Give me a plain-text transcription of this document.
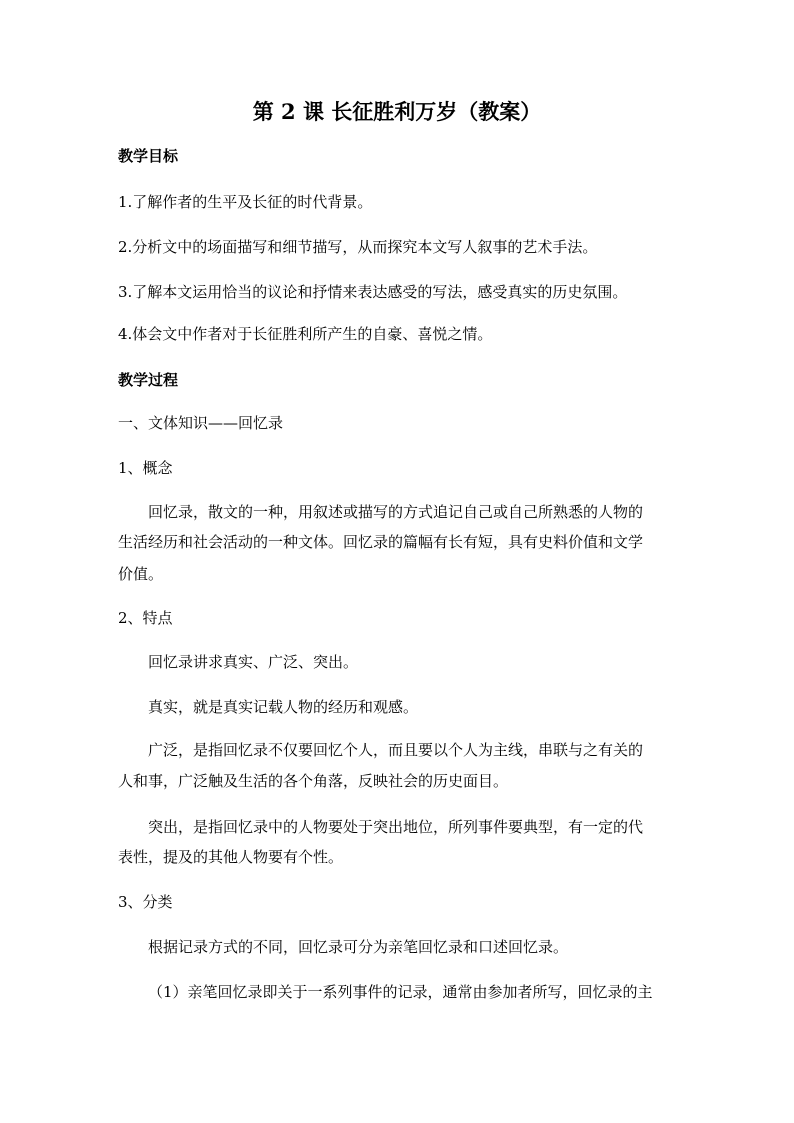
第 2 课 长征胜利万岁（教案）

教学目标

1.了解作者的生平及长征的时代背景。

2.分析文中的场面描写和细节描写，从而探究本文写人叙事的艺术手法。

3.了解本文运用恰当的议论和抒情来表达感受的写法，感受真实的历史氛围。

4.体会文中作者对于长征胜利所产生的自豪、喜悦之情。

教学过程

一、文体知识——回忆录

1、概念

回忆录，散文的一种，用叙述或描写的方式追记自己或自己所熟悉的人物的

生活经历和社会活动的一种文体。回忆录的篇幅有长有短，具有史料价值和文学

价值。

2、特点

回忆录讲求真实、广泛、突出。

真实，就是真实记载人物的经历和观感。

广泛，是指回忆录不仅要回忆个人，而且要以个人为主线，串联与之有关的

人和事，广泛触及生活的各个角落，反映社会的历史面目。

突出，是指回忆录中的人物要处于突出地位，所列事件要典型，有一定的代

表性，提及的其他人物要有个性。

3、分类

根据记录方式的不同，回忆录可分为亲笔回忆录和口述回忆录。

（1）亲笔回忆录即关于一系列事件的记录，通常由参加者所写，回忆录的主
